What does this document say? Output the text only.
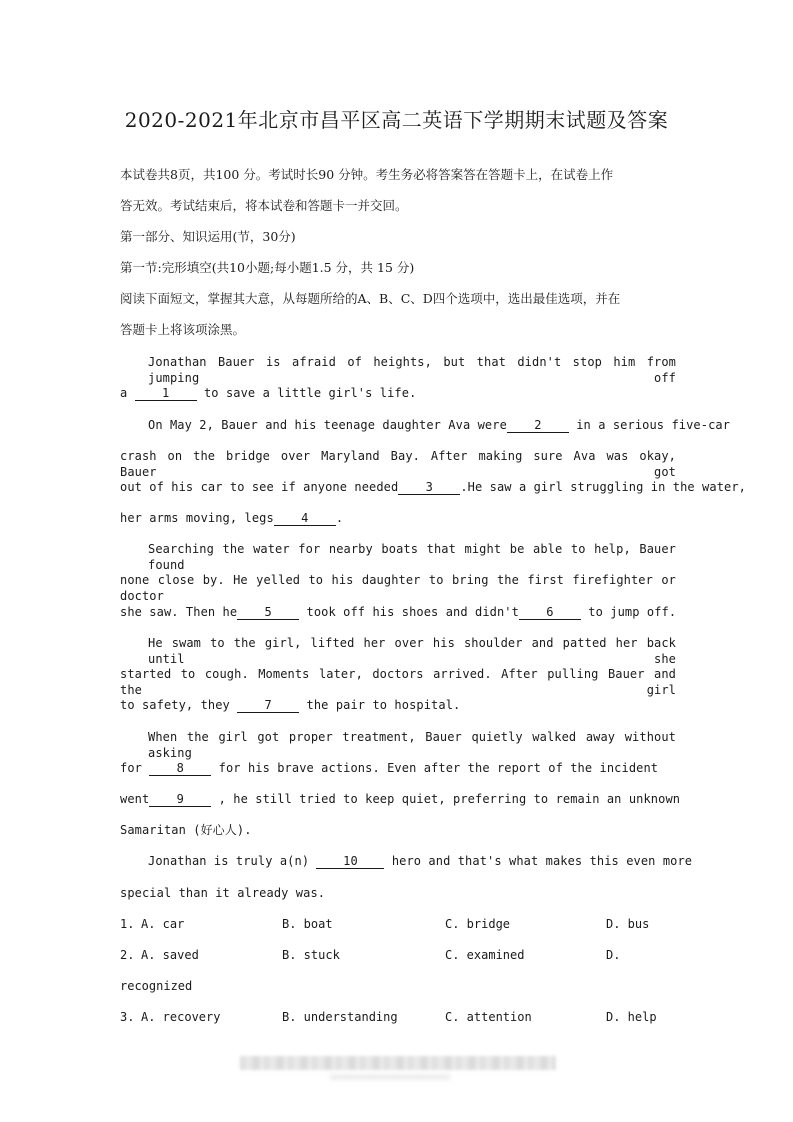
2020-2021年北京市昌平区高二英语下学期期末试题及答案
本试卷共8页，共100 分。考试时长90 分钟。考生务必将答案答在答题卡上，在试卷上作
答无效。考试结束后，将本试卷和答题卡一并交回。
第一部分、知识运用(节，30分)
第一节:完形填空(共10小题;每小题1.5 分，共 15 分)
阅读下面短文，掌握其大意，从每题所给的A、B、C、D四个选项中，选出最佳选项，并在
答题卡上将该项涂黑。
Jonathan Bauer is afraid of heights, but that didn't stop him from jumping off
a	1	to save a little girl's life.
On May 2, Bauer and his teenage daughter Ava were 2	in a serious five-car
crash on the bridge over Maryland Bay. After making sure Ava was okay, Bauer got
out of his car to see if anyone needed 3 .He saw a girl struggling in the water,
her arms moving, legs 4 .
Searching the water for nearby boats that might be able to help, Bauer found
none close by. He yelled to his daughter to bring the first firefighter or doctor
she saw. Then he 5	took off his shoes and didn't 6	to jump off.
He swam to the girl, lifted her over his shoulder and patted her back until she
started to cough. Moments later, doctors arrived. After pulling Bauer and the girl
to safety, they	7	the pair to hospital.
When the girl got proper treatment, Bauer quietly walked away without asking
for	8	for his brave actions. Even after the report of the incident
went 9	, he still tried to keep quiet, preferring to remain an unknown
Samaritan (好心人).
Jonathan is truly a(n)	10	hero and that's what makes this even more
special than it already was.
1. A. car	B. boat	C. bridge	D. bus
2. A. saved	B. stuck	C. examined	D.
recognized
3. A. recovery	B. understanding	C. attention	D. help
